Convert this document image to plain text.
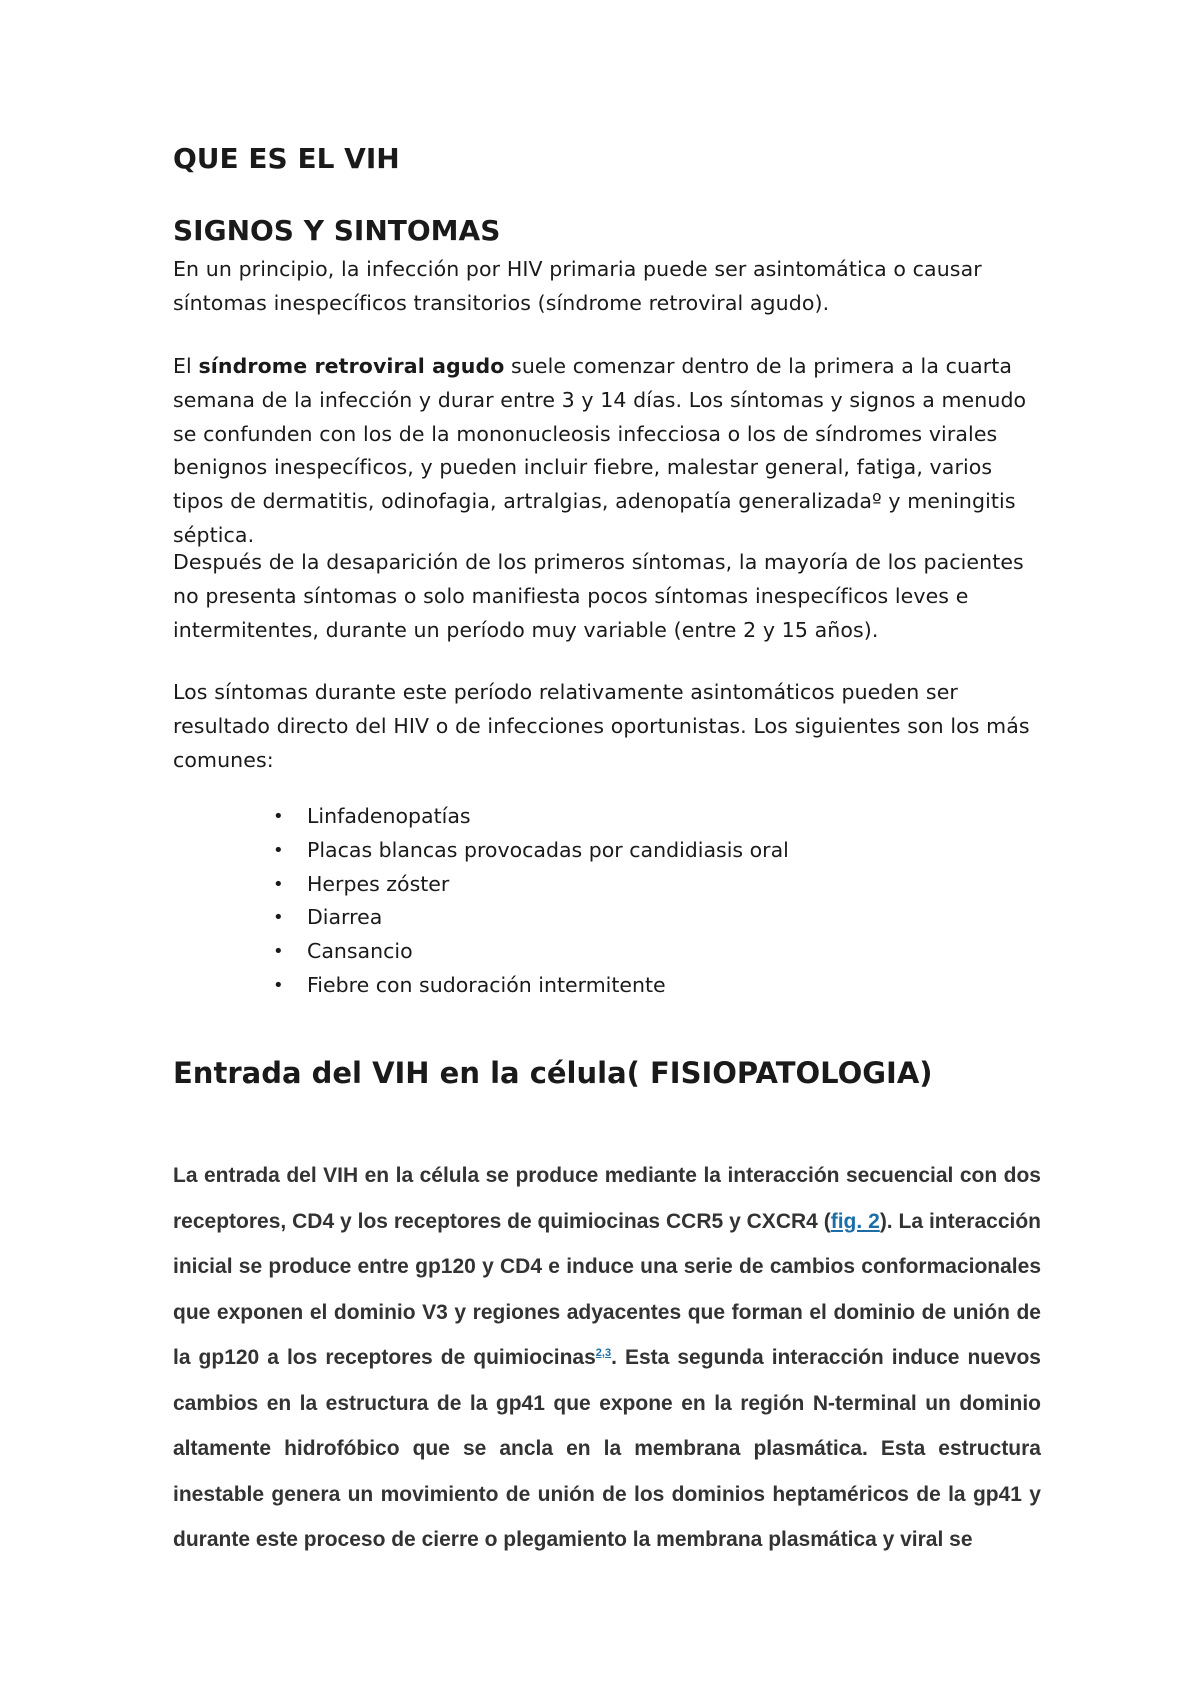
QUE ES EL VIH
SIGNOS Y SINTOMAS

En un principio, la infección por HIV primaria puede ser asintomática o causar síntomas inespecíficos transitorios (síndrome retroviral agudo).

El síndrome retroviral agudo suele comenzar dentro de la primera a la cuarta semana de la infección y durar entre 3 y 14 días. Los síntomas y signos a menudo se confunden con los de la mononucleosis infecciosa o los de síndromes virales benignos inespecíficos, y pueden incluir fiebre, malestar general, fatiga, varios tipos de dermatitis, odinofagia, artralgias, adenopatía generalizadaº y meningitis séptica.

Después de la desaparición de los primeros síntomas, la mayoría de los pacientes no presenta síntomas o solo manifiesta pocos síntomas inespecíficos leves e intermitentes, durante un período muy variable (entre 2 y 15 años).

Los síntomas durante este período relativamente asintomáticos pueden ser resultado directo del HIV o de infecciones oportunistas. Los siguientes son los más comunes:

• Linfadenopatías
• Placas blancas provocadas por candidiasis oral
• Herpes zóster
• Diarrea
• Cansancio
• Fiebre con sudoración intermitente
Entrada del VIH en la célula( FISIOPATOLOGIA)

La entrada del VIH en la célula se produce mediante la interacción secuencial con dos receptores, CD4 y los receptores de quimiocinas CCR5 y CXCR4 (fig. 2). La interacción inicial se produce entre gp120 y CD4 e induce una serie de cambios conformacionales que exponen el dominio V3 y regiones adyacentes que forman el dominio de unión de la gp120 a los receptores de quimiocinas$^{2,3}$. Esta segunda interacción induce nuevos cambios en la estructura de la gp41 que expone en la región N-terminal un dominio altamente hidrofóbico que se ancla en la membrana plasmática. Esta estructura inestable genera un movimiento de unión de los dominios heptaméricos de la gp41 y durante este proceso de cierre o plegamiento la membrana plasmática y viral se
